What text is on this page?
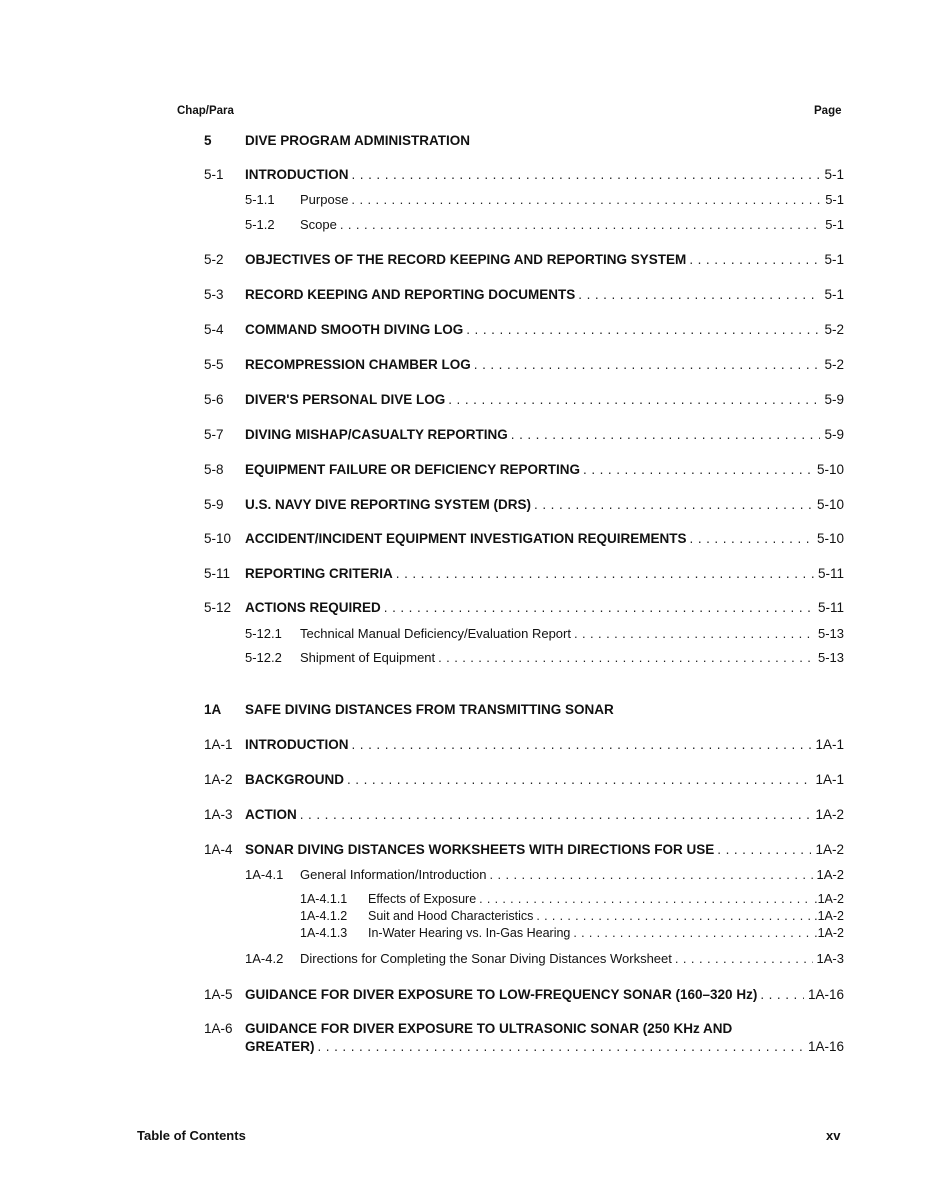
Chap/Para	Page
5	DIVE PROGRAM ADMINISTRATION
5-1	INTRODUCTION . . .	5-1
5-1.1	Purpose . . .	5-1
5-1.2	Scope . . .	5-1
5-2	OBJECTIVES OF THE RECORD KEEPING AND REPORTING SYSTEM . . .	5-1
5-3	RECORD KEEPING AND REPORTING DOCUMENTS . . .	5-1
5-4	COMMAND SMOOTH DIVING LOG . . .	5-2
5-5	RECOMPRESSION CHAMBER LOG . . .	5-2
5-6	DIVER'S PERSONAL DIVE LOG . . .	5-9
5-7	DIVING MISHAP/CASUALTY REPORTING . . .	5-9
5-8	EQUIPMENT FAILURE OR DEFICIENCY REPORTING . . .	5-10
5-9	U.S. NAVY DIVE REPORTING SYSTEM (DRS) . . .	5-10
5-10	ACCIDENT/INCIDENT EQUIPMENT INVESTIGATION REQUIREMENTS . . .	5-10
5-11	REPORTING CRITERIA . . .	5-11
5-12	ACTIONS REQUIRED . . .	5-11
5-12.1	Technical Manual Deficiency/Evaluation Report . . .	5-13
5-12.2	Shipment of Equipment . . .	5-13
1A	SAFE DIVING DISTANCES FROM TRANSMITTING SONAR
1A-1 INTRODUCTION . . .	1A-1
1A-2 BACKGROUND . . .	1A-1
1A-3 ACTION . . .	1A-2
1A-4 SONAR DIVING DISTANCES WORKSHEETS WITH DIRECTIONS FOR USE . . .	1A-2
1A-4.1	General Information/Introduction . . .	1A-2
1A-4.1.1	Effects of Exposure . . .	.1A-2
1A-4.1.2	Suit and Hood Characteristics . . .	.1A-2
1A-4.1.3	In-Water Hearing vs. In-Gas Hearing . . .	.1A-2
1A-4.2	Directions for Completing the Sonar Diving Distances Worksheet . . .	1A-3
1A-5 GUIDANCE FOR DIVER EXPOSURE TO LOW-FREQUENCY SONAR (160–320 Hz) . . .	1A-16
1A-6 GUIDANCE FOR DIVER EXPOSURE TO ULTRASONIC SONAR (250 KHz AND
GREATER) . . .	1A-16
Table of Contents	xv
